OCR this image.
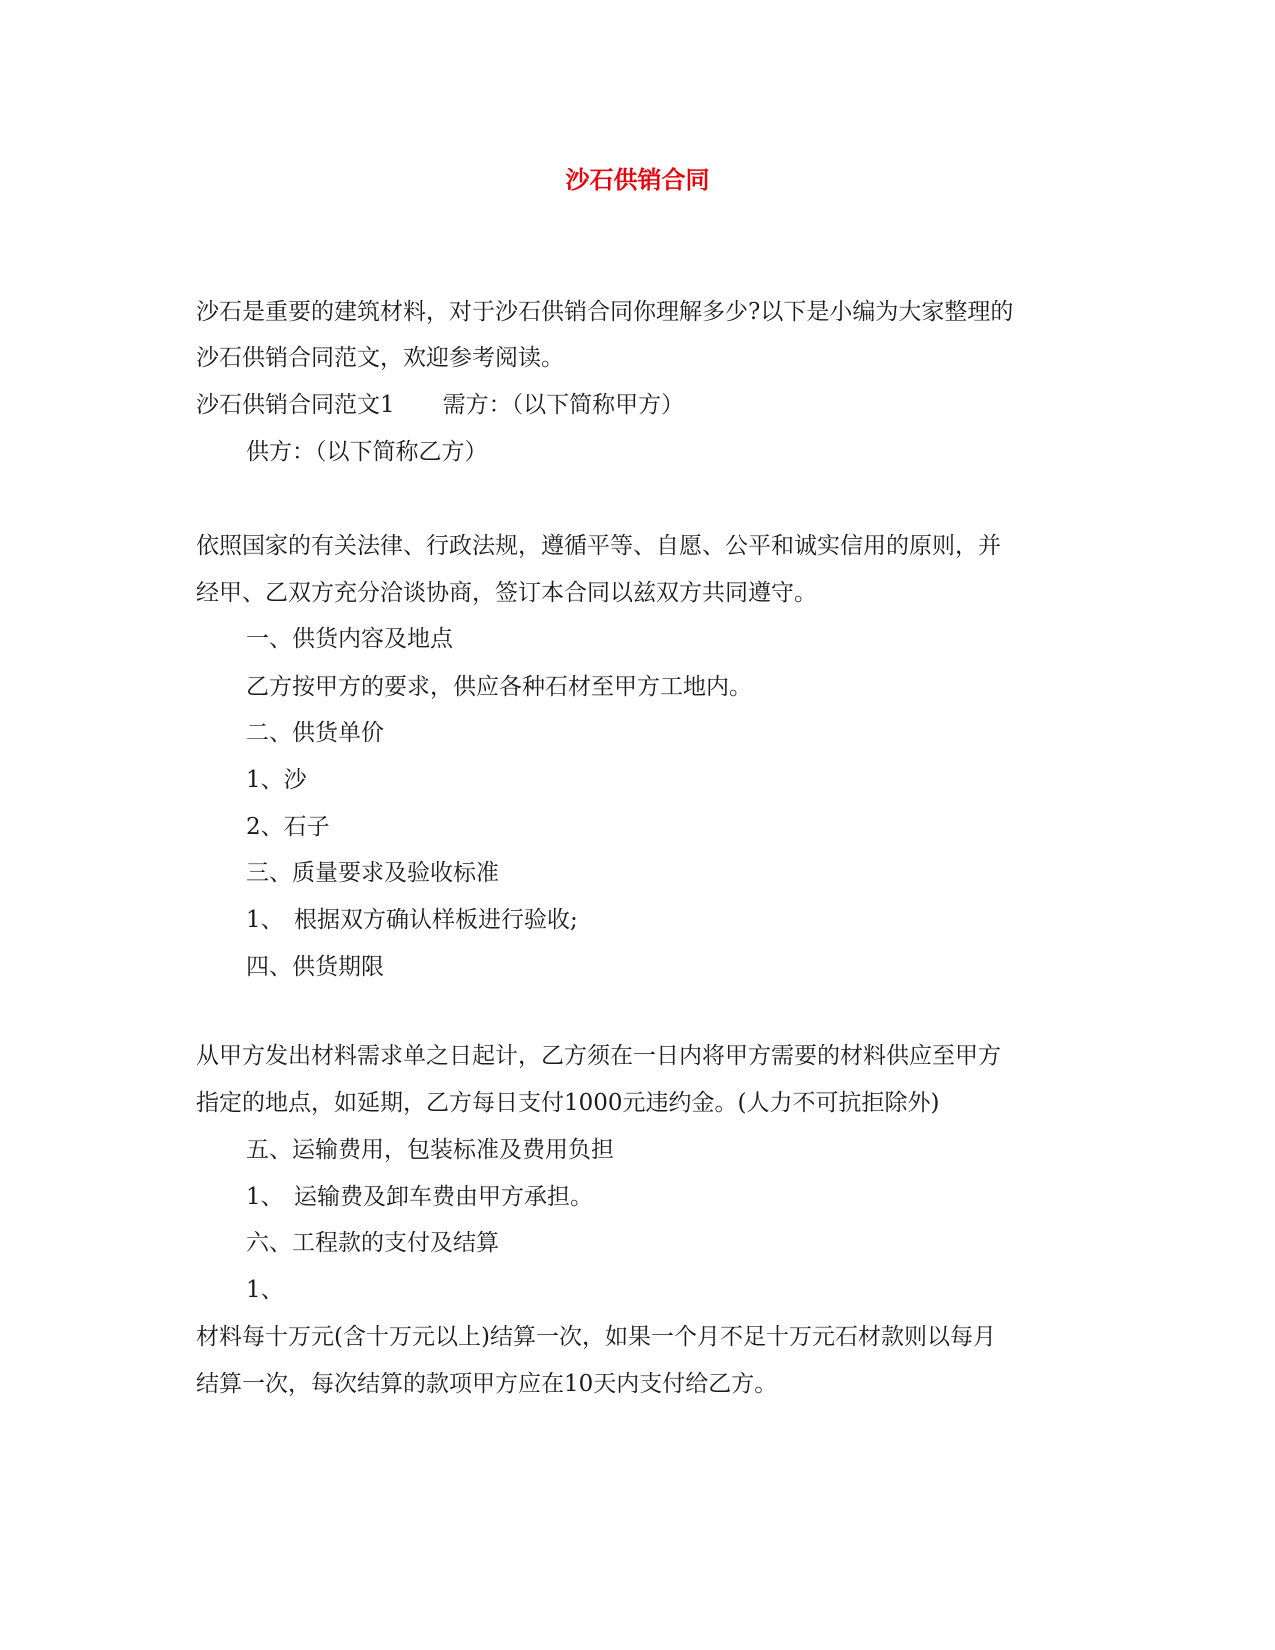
沙石供销合同

沙石是重要的建筑材料，对于沙石供销合同你理解多少?以下是小编为大家整理的

沙石供销合同范文，欢迎参考阅读。

沙石供销合同范文1 需方：（以下简称甲方）

供方：（以下简称乙方）

依照国家的有关法律、行政法规，遵循平等、自愿、公平和诚实信用的原则，并

经甲、乙双方充分洽谈协商，签订本合同以兹双方共同遵守。

一、供货内容及地点

乙方按甲方的要求，供应各种石材至甲方工地内。

二、供货单价

1、沙

2、石子

三、质量要求及验收标准

1、 根据双方确认样板进行验收;

四、供货期限

从甲方发出材料需求单之日起计，乙方须在一日内将甲方需要的材料供应至甲方

指定的地点，如延期，乙方每日支付1000元违约金。(人力不可抗拒除外)

五、运输费用，包装标准及费用负担

1、 运输费及卸车费由甲方承担。

六、工程款的支付及结算

1、

材料每十万元(含十万元以上)结算一次，如果一个月不足十万元石材款则以每月

结算一次，每次结算的款项甲方应在10天内支付给乙方。
